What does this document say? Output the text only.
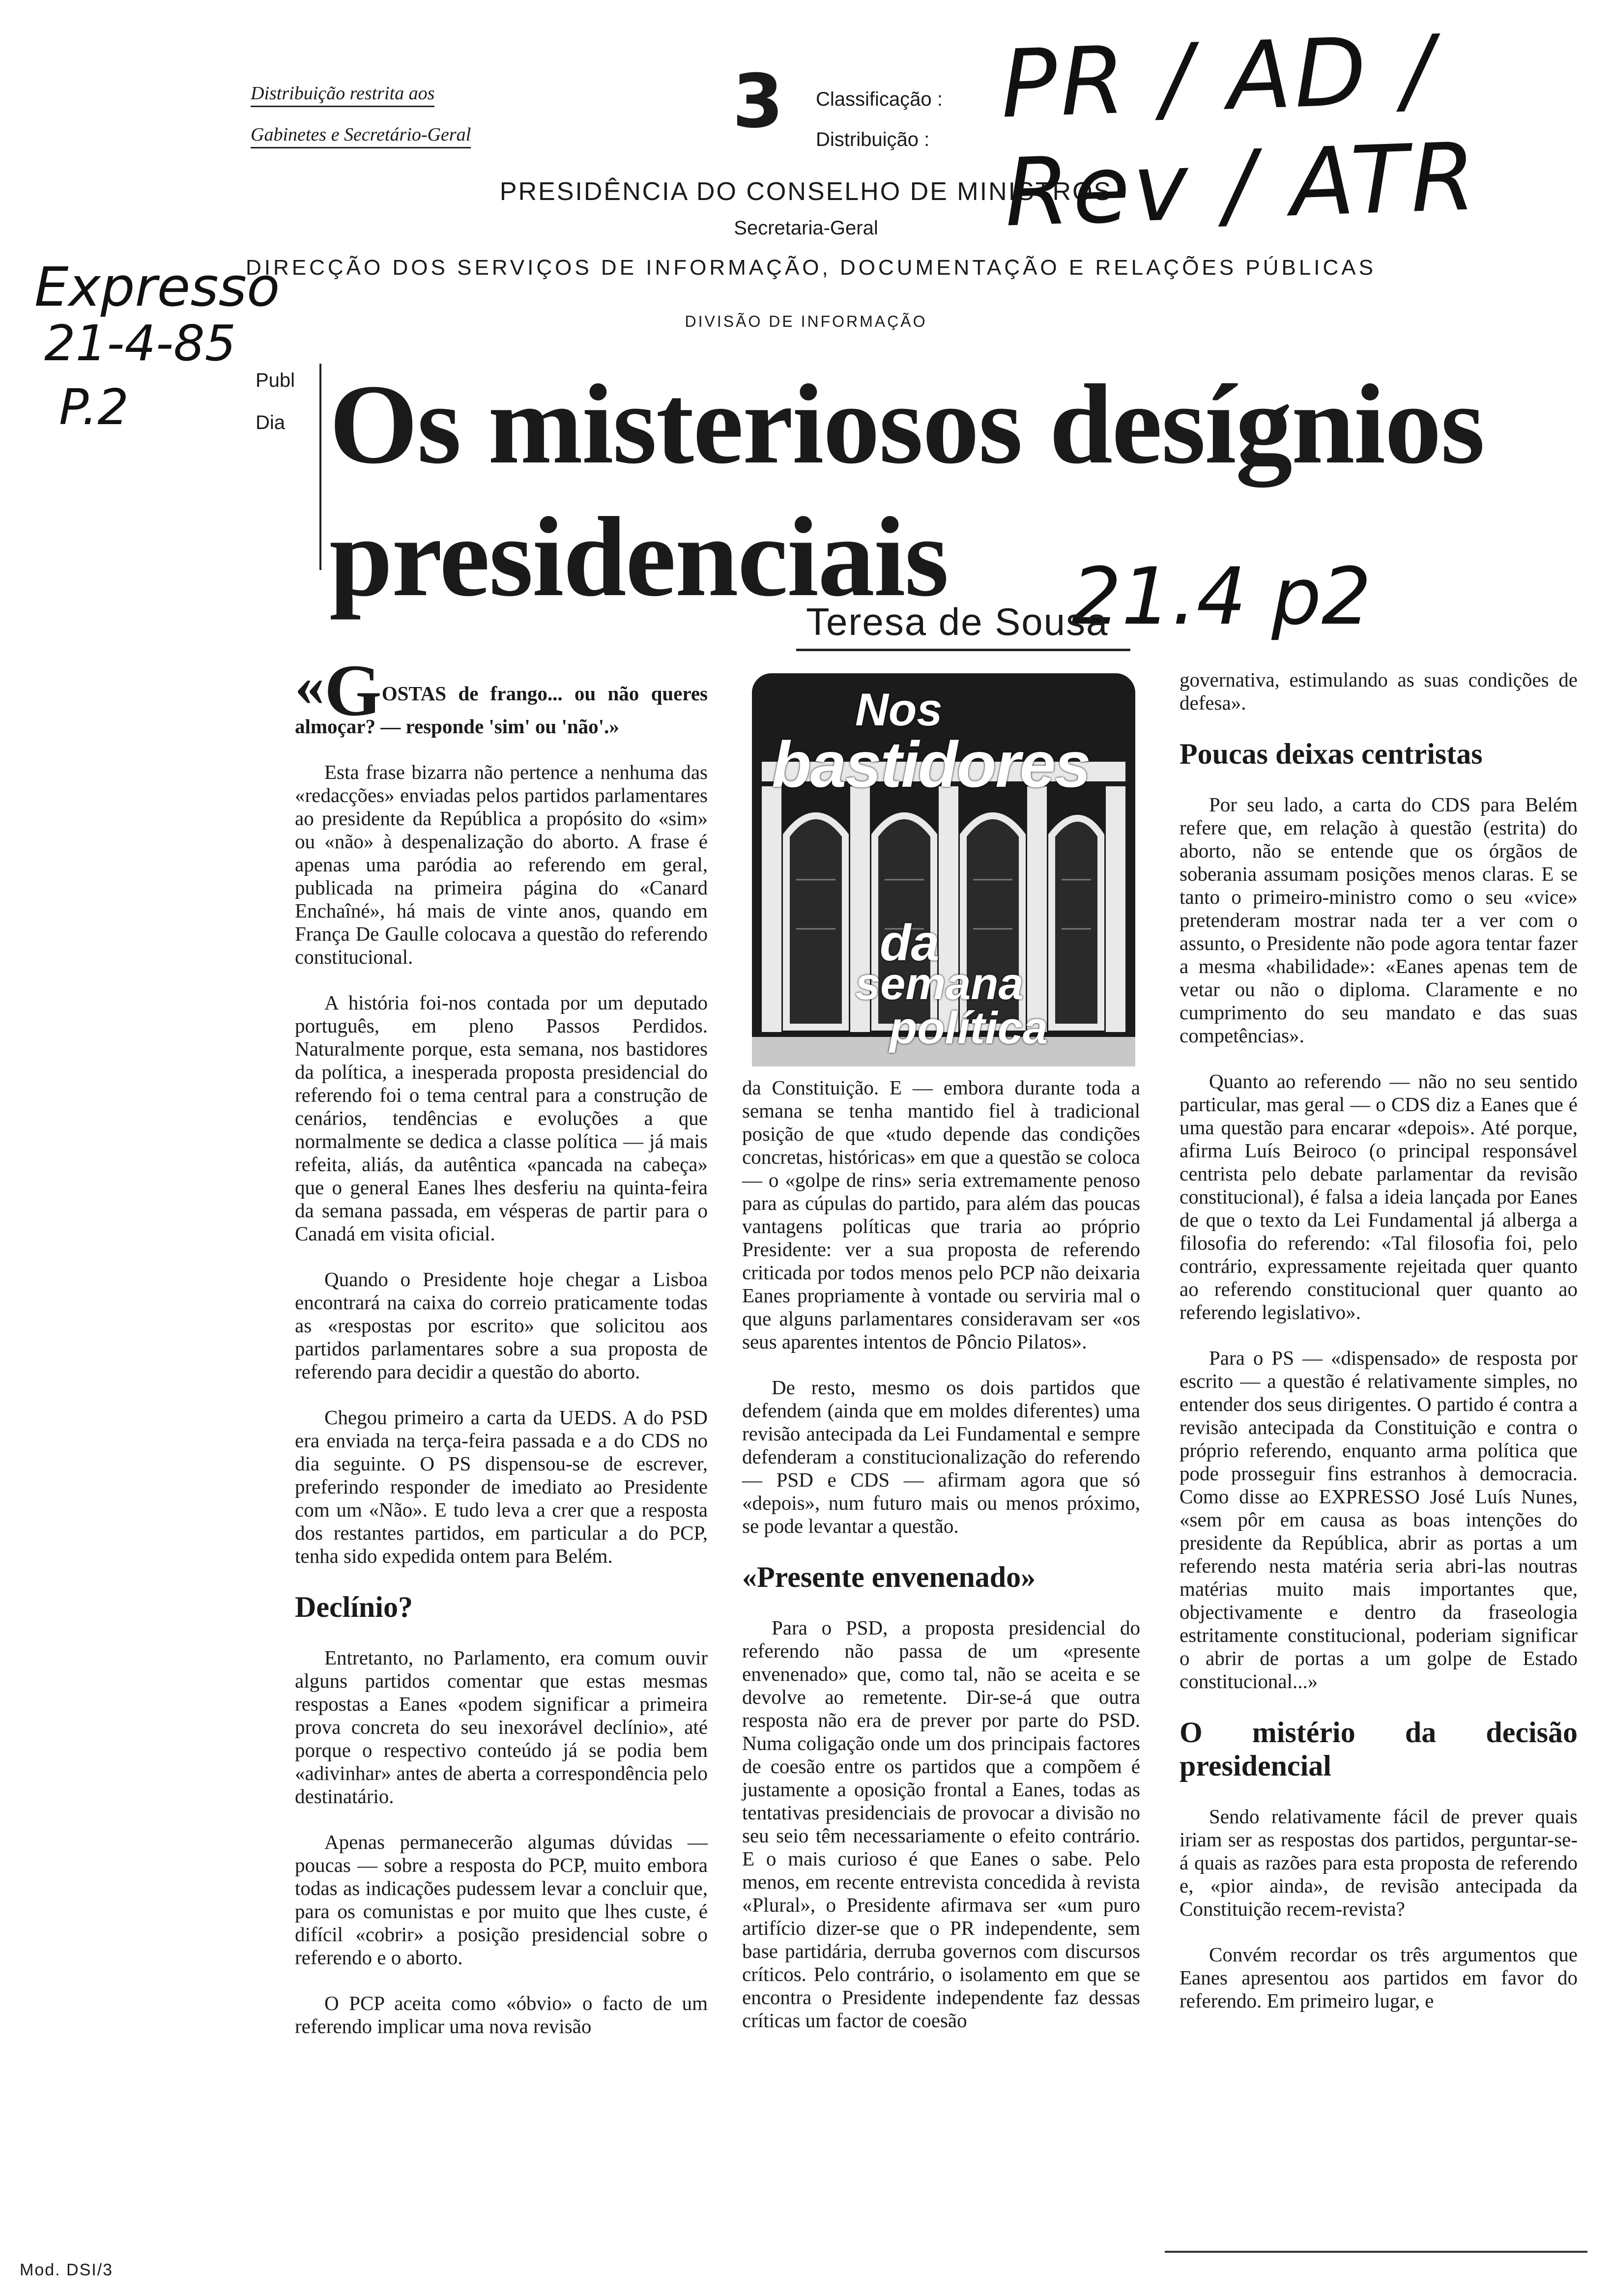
Distribuição restrita aos
Gabinetes e Secretário-Geral	3 Classificação :
Distribuição :
PRESIDÊNCIA DO CONSELHO DE MINISTROS
Secretaria-Geral
DIRECÇÃO DOS SERVIÇOS DE INFORMAÇÃO, DOCUMENTAÇÃO E RELAÇÕES PÚBLICAS
DIVISÃO DE INFORMAÇÃO
PR / AD / Rev / ATR
Expresso
21-4-85
P.2
21.4 p2
Publ
Dia Os misteriosos desígnios
presidenciais
Teresa de Sousa
Nos
bastidores
da
semana
política

«GOSTAS de frango... ou não queres almoçar? — responde 'sim' ou 'não'.»

Esta frase bizarra não pertence a nenhuma das «redacções» enviadas pelos partidos parlamentares ao presidente da República a propósito do «sim» ou «não» à despenalização do aborto. A frase é apenas uma paródia ao referendo em geral, publicada na primeira página do «Canard Enchaîné», há mais de vinte anos, quando em França De Gaulle colocava a questão do referendo constitucional.

A história foi-nos contada por um deputado português, em pleno Passos Perdidos. Naturalmente porque, esta semana, nos bastidores da política, a inesperada proposta presidencial do referendo foi o tema central para a construção de cenários, tendências e evoluções a que normalmente se dedica a classe política — já mais refeita, aliás, da autêntica «pancada na cabeça» que o general Eanes lhes desferiu na quinta-feira da semana passada, em vésperas de partir para o Canadá em visita oficial.

Quando o Presidente hoje chegar a Lisboa encontrará na caixa do correio praticamente todas as «respostas por escrito» que solicitou aos partidos parlamentares sobre a sua proposta de referendo para decidir a questão do aborto.

Chegou primeiro a carta da UEDS. A do PSD era enviada na terça-feira passada e a do CDS no dia seguinte. O PS dispensou-se de escrever, preferindo responder de imediato ao Presidente com um «Não». E tudo leva a crer que a resposta dos restantes partidos, em particular a do PCP, tenha sido expedida ontem para Belém.

Declínio?

Entretanto, no Parlamento, era comum ouvir alguns partidos comentar que estas mesmas respostas a Eanes «podem significar a primeira prova concreta do seu inexorável declínio», até porque o respectivo conteúdo já se podia bem «adivinhar» antes de aberta a correspondência pelo destinatário.

Apenas permanecerão algumas dúvidas — poucas — sobre a resposta do PCP, muito embora todas as indicações pudessem levar a concluir que, para os comunistas e por muito que lhes custe, é difícil «cobrir» a posição presidencial sobre o referendo e o aborto.

O PCP aceita como «óbvio» o facto de um referendo implicar uma nova revisão

da Constituição. E — embora durante toda a semana se tenha mantido fiel à tradicional posição de que «tudo depende das condições concretas, históricas» em que a questão se coloca — o «golpe de rins» seria extremamente penoso para as cúpulas do partido, para além das poucas vantagens políticas que traria ao próprio Presidente: ver a sua proposta de referendo criticada por todos menos pelo PCP não deixaria Eanes propriamente à vontade ou serviria mal o que alguns parlamentares consideravam ser «os seus aparentes intentos de Pôncio Pilatos».

De resto, mesmo os dois partidos que defendem (ainda que em moldes diferentes) uma revisão antecipada da Lei Fundamental e sempre defenderam a constitucionalização do referendo — PSD e CDS — afirmam agora que só «depois», num futuro mais ou menos próximo, se pode levantar a questão.

«Presente envenenado»

Para o PSD, a proposta presidencial do referendo não passa de um «presente envenenado» que, como tal, não se aceita e se devolve ao remetente. Dir-se-á que outra resposta não era de prever por parte do PSD. Numa coligação onde um dos principais factores de coesão entre os partidos que a compõem é justamente a oposição frontal a Eanes, todas as tentativas presidenciais de provocar a divisão no seu seio têm necessariamente o efeito contrário. E o mais curioso é que Eanes o sabe. Pelo menos, em recente entrevista concedida à revista «Plural», o Presidente afirmava ser «um puro artifício dizer-se que o PR independente, sem base partidária, derruba governos com discursos críticos. Pelo contrário, o isolamento em que se encontra o Presidente independente faz dessas críticas um factor de coesão

governativa, estimulando as suas condições de defesa».

Poucas deixas centristas

Por seu lado, a carta do CDS para Belém refere que, em relação à questão (estrita) do aborto, não se entende que os órgãos de soberania assumam posições menos claras. E se tanto o primeiro-ministro como o seu «vice» pretenderam mostrar nada ter a ver com o assunto, o Presidente não pode agora tentar fazer a mesma «habilidade»: «Eanes apenas tem de vetar ou não o diploma. Claramente e no cumprimento do seu mandato e das suas competências».

Quanto ao referendo — não no seu sentido particular, mas geral — o CDS diz a Eanes que é uma questão para encarar «depois». Até porque, afirma Luís Beiroco (o principal responsável centrista pelo debate parlamentar da revisão constitucional), é falsa a ideia lançada por Eanes de que o texto da Lei Fundamental já alberga a filosofia do referendo: «Tal filosofia foi, pelo contrário, expressamente rejeitada quer quanto ao referendo constitucional quer quanto ao referendo legislativo».

Para o PS — «dispensado» de resposta por escrito — a questão é relativamente simples, no entender dos seus dirigentes. O partido é contra a revisão antecipada da Constituição e contra o próprio referendo, enquanto arma política que pode prosseguir fins estranhos à democracia. Como disse ao EXPRESSO José Luís Nunes, «sem pôr em causa as boas intenções do presidente da República, abrir as portas a um referendo nesta matéria seria abri-las noutras matérias muito mais importantes que, objectivamente e dentro da fraseologia estritamente constitucional, poderiam significar o abrir de portas a um golpe de Estado constitucional...»

O mistério da decisão presidencial

Sendo relativamente fácil de prever quais iriam ser as respostas dos partidos, perguntar-se-á quais as razões para esta proposta de referendo e, «pior ainda», de revisão antecipada da Constituição recem-revista?

Convém recordar os três argumentos que Eanes apresentou aos partidos em favor do referendo. Em primeiro lugar, e

Mod. DSI/3
